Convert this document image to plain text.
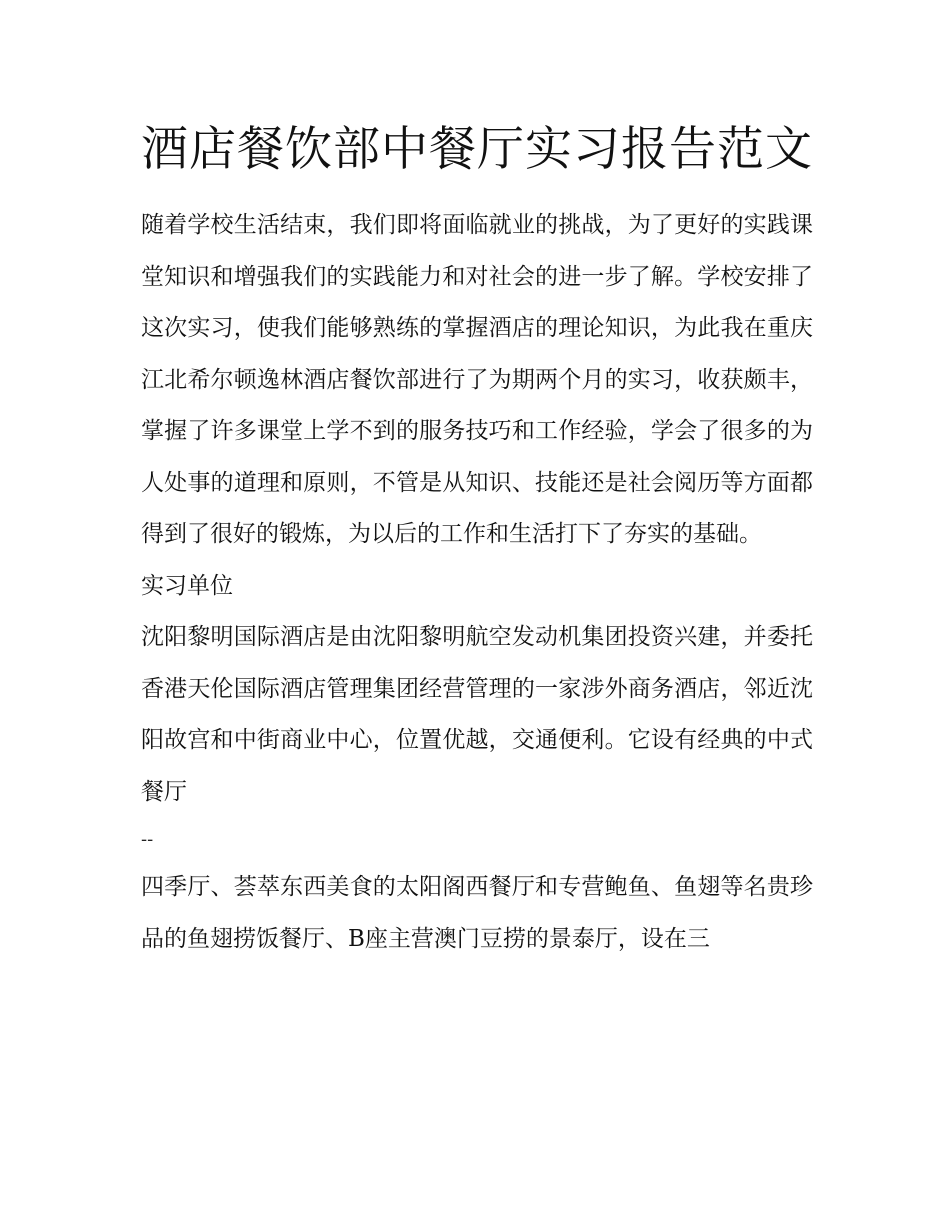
酒店餐饮部中餐厅实习报告范文

随着学校生活结束，我们即将面临就业的挑战，为了更好的实践课堂知识和增强我们的实践能力和对社会的进一步了解。学校安排了这次实习，使我们能够熟练的掌握酒店的理论知识，为此我在重庆江北希尔顿逸林酒店餐饮部进行了为期两个月的实习，收获颇丰，掌握了许多课堂上学不到的服务技巧和工作经验，学会了很多的为人处事的道理和原则，不管是从知识、技能还是社会阅历等方面都得到了很好的锻炼，为以后的工作和生活打下了夯实的基础。

实习单位

沈阳黎明国际酒店是由沈阳黎明航空发动机集团投资兴建，并委托香港天伦国际酒店管理集团经营管理的一家涉外商务酒店，邻近沈阳故宫和中街商业中心，位置优越，交通便利。它设有经典的中式餐厅

--

四季厅、荟萃东西美食的太阳阁西餐厅和专营鲍鱼、鱼翅等名贵珍品的鱼翅捞饭餐厅、B座主营澳门豆捞的景泰厅，设在三
